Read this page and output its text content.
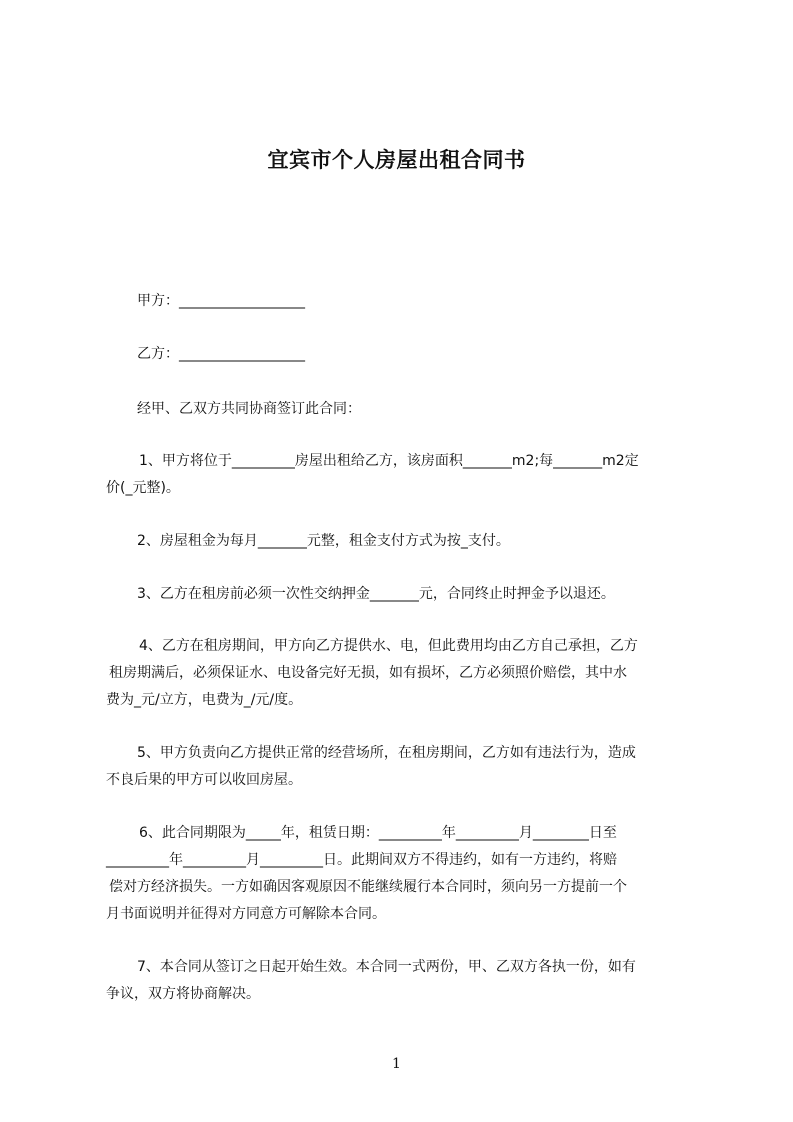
宜宾市个人房屋出租合同书
甲方：__________________
乙方：__________________
经甲、乙双方共同协商签订此合同：
1、甲方将位于_________房屋出租给乙方，该房面积_______m2;每_______m2定
价(_元整)。
2、房屋租金为每月_______元整，租金支付方式为按_支付。
3、乙方在租房前必须一次性交纳押金_______元，合同终止时押金予以退还。
4、乙方在租房期间，甲方向乙方提供水、电，但此费用均由乙方自己承担，乙方
租房期满后，必须保证水、电设备完好无损，如有损坏，乙方必须照价赔偿，其中水
费为_元/立方，电费为_/元/度。
5、甲方负责向乙方提供正常的经营场所，在租房期间，乙方如有违法行为，造成
不良后果的甲方可以收回房屋。
6、此合同期限为_____年，租赁日期：_________年_________月________日至
_________年_________月_________日。此期间双方不得违约，如有一方违约，将赔
偿对方经济损失。一方如确因客观原因不能继续履行本合同时，须向另一方提前一个
月书面说明并征得对方同意方可解除本合同。
7、本合同从签订之日起开始生效。本合同一式两份，甲、乙双方各执一份，如有
争议，双方将协商解决。
1
